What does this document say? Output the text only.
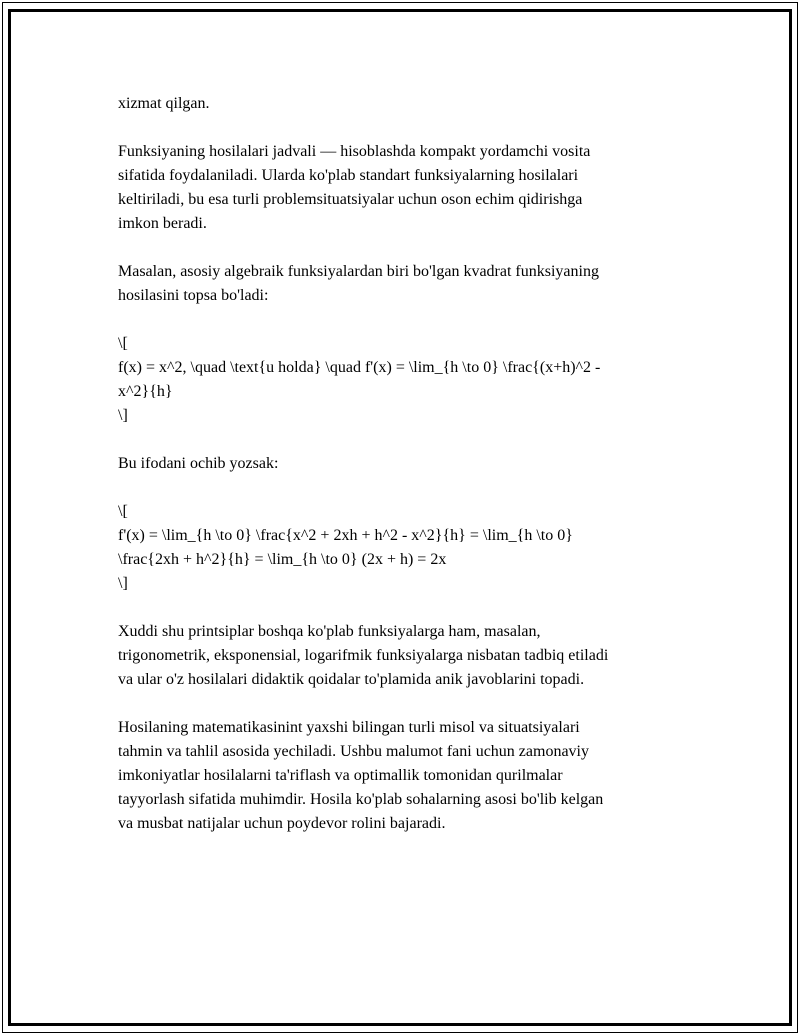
xizmat qilgan.

Funksiyaning hosilalari jadvali — hisoblashda kompakt yordamchi vosita
sifatida foydalaniladi. Ularda ko'plab standart funksiyalarning hosilalari
keltiriladi, bu esa turli problemsituatsiyalar uchun oson echim qidirishga
imkon beradi.

Masalan, asosiy algebraik funksiyalardan biri bo'lgan kvadrat funksiyaning
hosilasini topsa bo'ladi:

\[
f(x) = x^2, \quad \text{u holda} \quad f'(x) = \lim_{h \to 0} \frac{(x+h)^2 -
x^2}{h}
\]

Bu ifodani ochib yozsak:

\[
f'(x) = \lim_{h \to 0} \frac{x^2 + 2xh + h^2 - x^2}{h} = \lim_{h \to 0}
\frac{2xh + h^2}{h} = \lim_{h \to 0} (2x + h) = 2x
\]

Xuddi shu printsiplar boshqa ko'plab funksiyalarga ham, masalan,
trigonometrik, eksponensial, logarifmik funksiyalarga nisbatan tadbiq etiladi
va ular o'z hosilalari didaktik qoidalar to'plamida anik javoblarini topadi.

Hosilaning matematikasinint yaxshi bilingan turli misol va situatsiyalari
tahmin va tahlil asosida yechiladi. Ushbu malumot fani uchun zamonaviy
imkoniyatlar hosilalarni ta'riflash va optimallik tomonidan qurilmalar
tayyorlash sifatida muhimdir. Hosila ko'plab sohalarning asosi bo'lib kelgan
va musbat natijalar uchun poydevor rolini bajaradi.
